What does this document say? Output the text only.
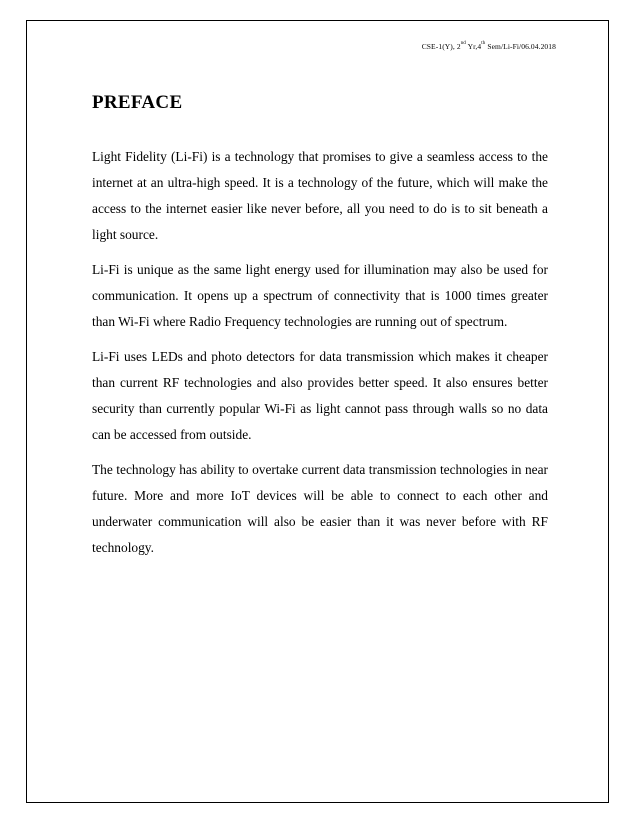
CSE-1(Y), 2nd Yr,4th Sem/Li-Fi/06.04.2018
PREFACE

Light Fidelity (Li-Fi) is a technology that promises to give a seamless access to the internet at an ultra-high speed. It is a technology of the future, which will make the access to the internet easier like never before, all you need to do is to sit beneath a light source.

Li-Fi is unique as the same light energy used for illumination may also be used for communication. It opens up a spectrum of connectivity that is 1000 times greater than Wi-Fi where Radio Frequency technologies are running out of spectrum.

Li-Fi uses LEDs and photo detectors for data transmission which makes it cheaper than current RF technologies and also provides better speed. It also ensures better security than currently popular Wi-Fi as light cannot pass through walls so no data can be accessed from outside.

The technology has ability to overtake current data transmission technologies in near future. More and more IoT devices will be able to connect to each other and underwater communication will also be easier than it was never before with RF technology.
